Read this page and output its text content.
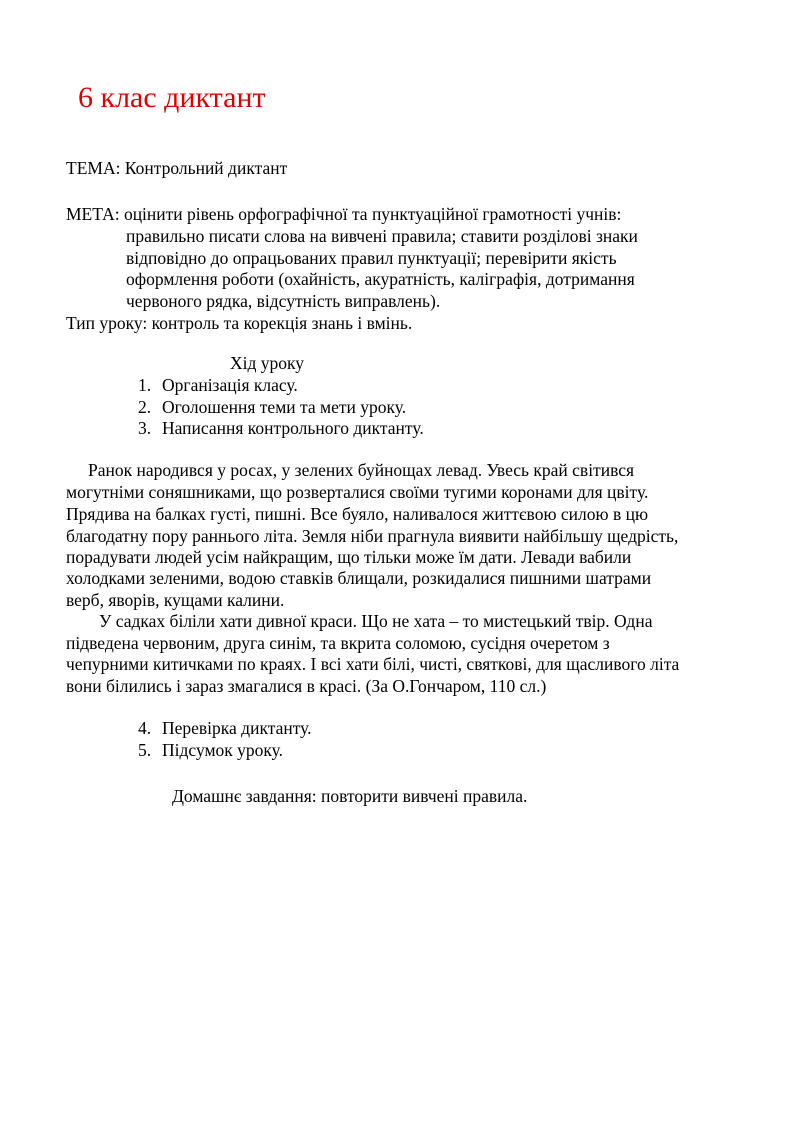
6 клас диктант
ТЕМА: Контрольний диктант
МЕТА: оцінити рівень орфографічної та пунктуаційної грамотності учнів:
правильно писати слова на вивчені правила; ставити розділові знаки
відповідно до опрацьованих правил пунктуації; перевірити якість
оформлення роботи (охайність, акуратність, каліграфія, дотримання
червоного рядка, відсутність виправлень).
Тип уроку: контроль та корекція знань і вмінь.
Хід уроку
1. Організація класу.
2. Оголошення теми та мети уроку.
3. Написання контрольного диктанту.
Ранок народився у росах, у зелених буйнощах левад. Увесь край світився
могутніми соняшниками, що розверталися своїми тугими коронами для цвіту.
Прядива на балках густі, пишні. Все буяло, наливалося життєвою силою в цю
благодатну пору раннього літа. Земля ніби прагнула виявити найбільшу щедрість,
порадувати людей усім найкращим, що тільки може їм дати. Левади вабили
холодками зеленими, водою ставків блищали, розкидалися пишними шатрами
верб, яворів, кущами калини.
У садках біліли хати дивної краси. Що не хата – то мистецький твір. Одна
підведена червоним, друга синім, та вкрита соломою, сусідня очеретом з
чепурними китичками по краях. І всі хати білі, чисті, святкові, для щасливого літа
вони білились і зараз змагалися в красі. (За О.Гончаром, 110 сл.)
4. Перевірка диктанту.
5. Підсумок уроку.
Домашнє завдання: повторити вивчені правила.
